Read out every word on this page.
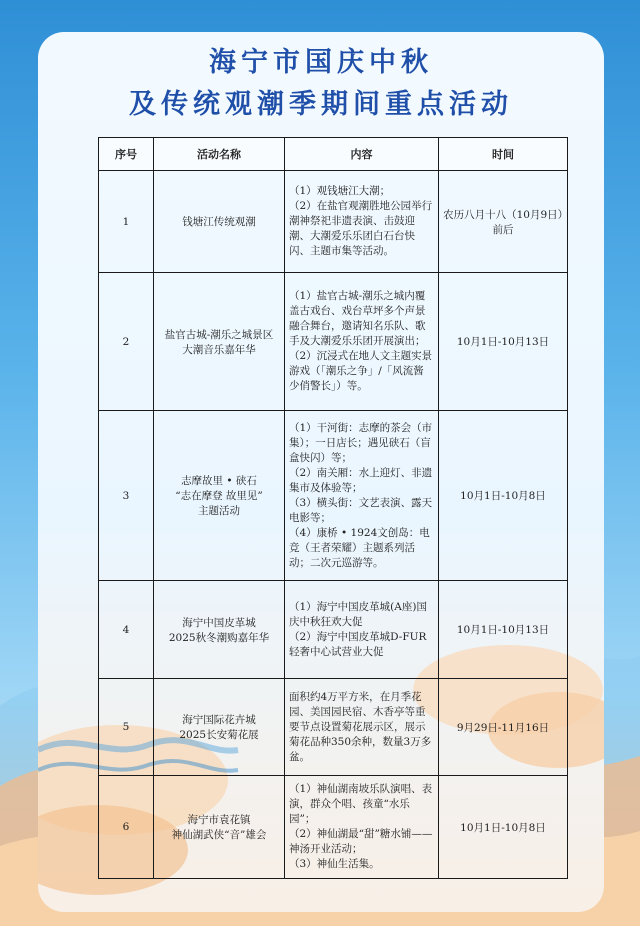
海宁市国庆中秋
及传统观潮季期间重点活动
序号	活动名称	内容	时间
1	钱塘江传统观潮	（1）观钱塘江大潮；
（2）在盐官观潮胜地公园举行潮神祭祀非遗表演、击鼓迎潮、大潮爱乐乐团白石台快闪、主题市集等活动。	农历八月十八（10月9日）前后
2	盐官古城-潮乐之城景区
大潮音乐嘉年华	（1）盐官古城-潮乐之城内覆盖古戏台、戏台草坪多个声景融合舞台，邀请知名乐队、歌手及大潮爱乐乐团开展演出；
（2）沉浸式在地人文主题实景游戏（「潮乐之争」/「风流酱少俏警长」）等。	10月1日-10月13日
3	志摩故里 • 硖石
“志在摩登 故里见”
主题活动	（1）干河街：志摩的茶会（市集）；一日店长；遇见硖石（盲盒快闪）等；
（2）南关厢：水上迎灯、非遗集市及体验等；
（3）横头街：文艺表演、露天电影等；
（4）康桥 • 1924文创岛：电竞（王者荣耀）主题系列活动；二次元巡游等。	10月1日-10月8日
4	海宁中国皮革城
2025秋冬潮购嘉年华	（1）海宁中国皮革城(A座)国庆中秋狂欢大促
（2）海宁中国皮革城D-FUR轻奢中心试营业大促	10月1日-10月13日
5	海宁国际花卉城
2025长安菊花展	面积约4万平方米，在月季花园、美国园民宿、木香亭等重要节点设置菊花展示区，展示菊花品种350余种，数量3万多盆。	9月29日-11月16日
6	海宁市袁花镇
神仙湖武侠“音”雄会	（1）神仙湖南坡乐队演唱、表演，群众个唱、孩童“水乐园”；
（2）神仙湖最“甜”糖水铺——神汤开业活动；
（3）神仙生活集。	10月1日-10月8日
